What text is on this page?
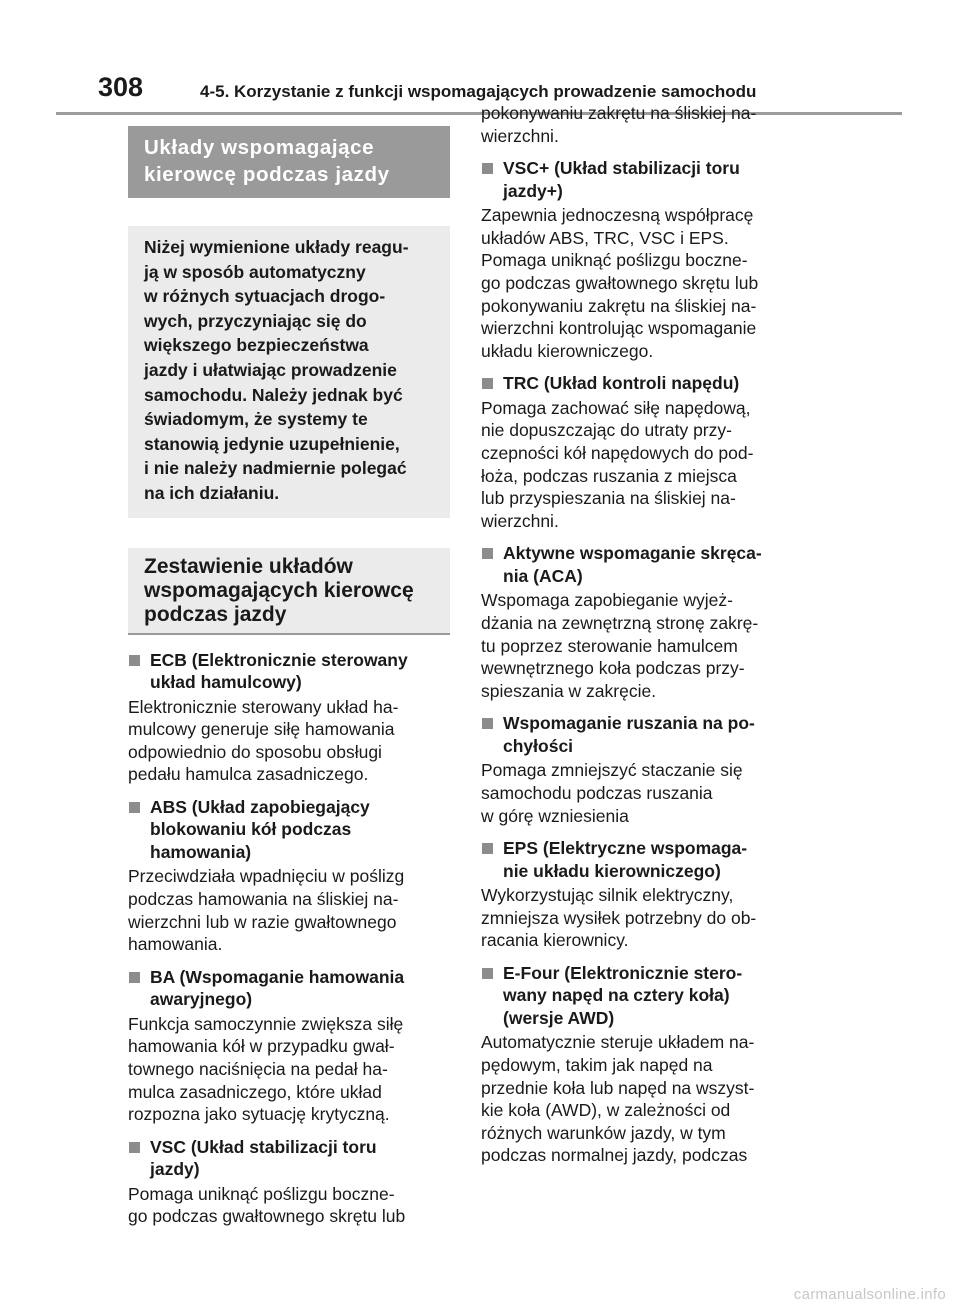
308	4-5. Korzystanie z funkcji wspomagających prowadzenie samochodu
Układy wspomagające
kierowcę podczas jazdy
Niżej wymienione układy reagu-
ją w sposób automatyczny
w różnych sytuacjach drogo-
wych, przyczyniając się do
większego bezpieczeństwa
jazdy i ułatwiając prowadzenie
samochodu. Należy jednak być
świadomym, że systemy te
stanowią jedynie uzupełnienie,
i nie należy nadmiernie polegać
na ich działaniu.
Zestawienie układów
wspomagających kierowcę
podczas jazdy
ECB (Elektronicznie sterowany
układ hamulcowy)
Elektronicznie sterowany układ ha-
mulcowy generuje siłę hamowania
odpowiednio do sposobu obsługi
pedału hamulca zasadniczego.
ABS (Układ zapobiegający
blokowaniu kół podczas
hamowania)
Przeciwdziała wpadnięciu w poślizg
podczas hamowania na śliskiej na-
wierzchni lub w razie gwałtownego
hamowania.
BA (Wspomaganie hamowania
awaryjnego)
Funkcja samoczynnie zwiększa siłę
hamowania kół w przypadku gwał-
townego naciśnięcia na pedał ha-
mulca zasadniczego, które układ
rozpozna jako sytuację krytyczną.
VSC (Układ stabilizacji toru
jazdy)
Pomaga uniknąć poślizgu boczne-
go podczas gwałtownego skrętu lub
pokonywaniu zakrętu na śliskiej na-
wierzchni.
VSC+ (Układ stabilizacji toru
jazdy+)
Zapewnia jednoczesną współpracę
układów ABS, TRC, VSC i EPS.
Pomaga uniknąć poślizgu boczne-
go podczas gwałtownego skrętu lub
pokonywaniu zakrętu na śliskiej na-
wierzchni kontrolując wspomaganie
układu kierowniczego.
TRC (Układ kontroli napędu)
Pomaga zachować siłę napędową,
nie dopuszczając do utraty przy-
czepności kół napędowych do pod-
łoża, podczas ruszania z miejsca
lub przyspieszania na śliskiej na-
wierzchni.
Aktywne wspomaganie skręca-
nia (ACA)
Wspomaga zapobieganie wyjeż-
dżania na zewnętrzną stronę zakrę-
tu poprzez sterowanie hamulcem
wewnętrznego koła podczas przy-
spieszania w zakręcie.
Wspomaganie ruszania na po-
chyłości
Pomaga zmniejszyć staczanie się
samochodu podczas ruszania
w górę wzniesienia
EPS (Elektryczne wspomaga-
nie układu kierowniczego)
Wykorzystując silnik elektryczny,
zmniejsza wysiłek potrzebny do ob-
racania kierownicy.
E-Four (Elektronicznie stero-
wany napęd na cztery koła)
(wersje AWD)
Automatycznie steruje układem na-
pędowym, takim jak napęd na
przednie koła lub napęd na wszyst-
kie koła (AWD), w zależności od
różnych warunków jazdy, w tym
podczas normalnej jazdy, podczas
carmanualsonline.info
